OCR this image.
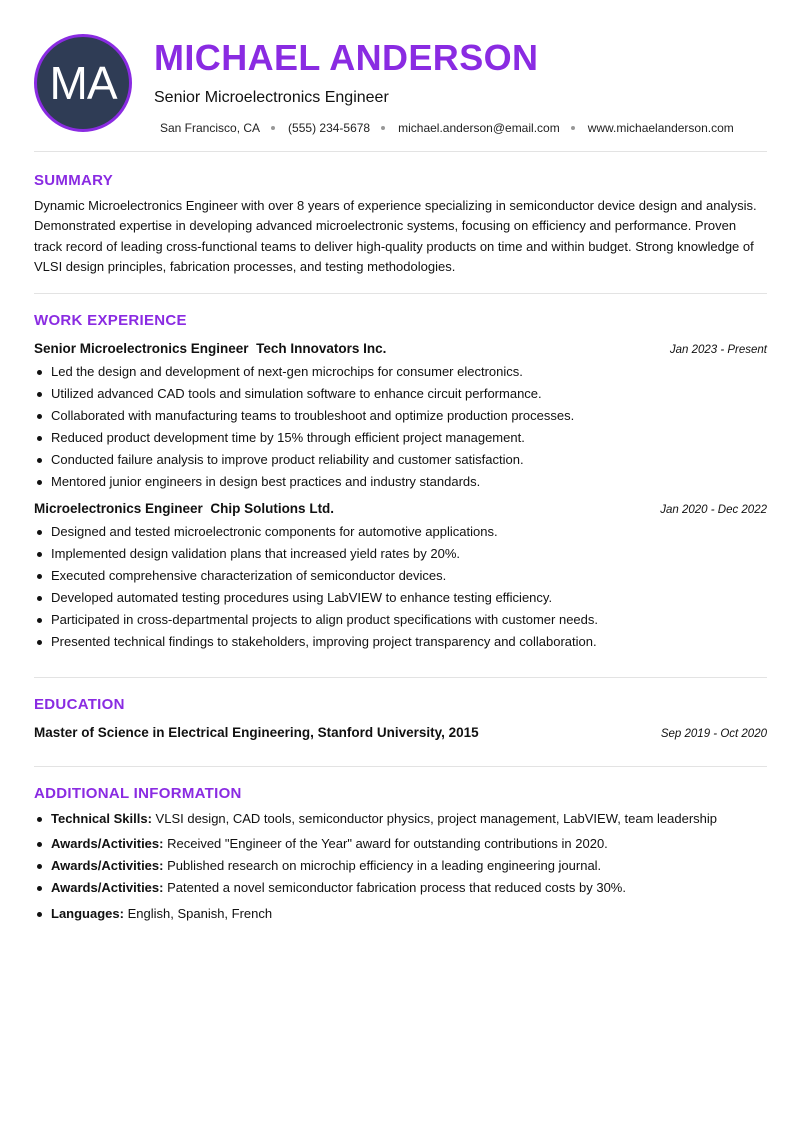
MA	MICHAEL ANDERSON
Senior Microelectronics Engineer
San Francisco, CA (555) 234-5678 michael.anderson@email.com www.michaelanderson.com
SUMMARY

Dynamic Microelectronics Engineer with over 8 years of experience specializing in semiconductor device design and analysis. Demonstrated expertise in developing advanced microelectronic systems, focusing on efficiency and performance. Proven track record of leading cross-functional teams to deliver high-quality products on time and within budget. Strong knowledge of VLSI design principles, fabrication processes, and testing methodologies.

WORK EXPERIENCE
Senior Microelectronics Engineer Tech Innovators Inc.	Jan 2023 - Present
Led the design and development of next-gen microchips for consumer electronics.
Utilized advanced CAD tools and simulation software to enhance circuit performance.
Collaborated with manufacturing teams to troubleshoot and optimize production processes.
Reduced product development time by 15% through efficient project management.
Conducted failure analysis to improve product reliability and customer satisfaction.
Mentored junior engineers in design best practices and industry standards.
Microelectronics Engineer Chip Solutions Ltd.	Jan 2020 - Dec 2022
Designed and tested microelectronic components for automotive applications.
Implemented design validation plans that increased yield rates by 20%.
Executed comprehensive characterization of semiconductor devices.
Developed automated testing procedures using LabVIEW to enhance testing efficiency.
Participated in cross-departmental projects to align product specifications with customer needs.
Presented technical findings to stakeholders, improving project transparency and collaboration.
EDUCATION
Master of Science in Electrical Engineering, Stanford University, 2015	Sep 2019 - Oct 2020
ADDITIONAL INFORMATION
Technical Skills: VLSI design, CAD tools, semiconductor physics, project management, LabVIEW, team leadership
Awards/Activities: Received "Engineer of the Year" award for outstanding contributions in 2020.
Awards/Activities: Published research on microchip efficiency in a leading engineering journal.
Awards/Activities: Patented a novel semiconductor fabrication process that reduced costs by 30%.
Languages: English, Spanish, French
